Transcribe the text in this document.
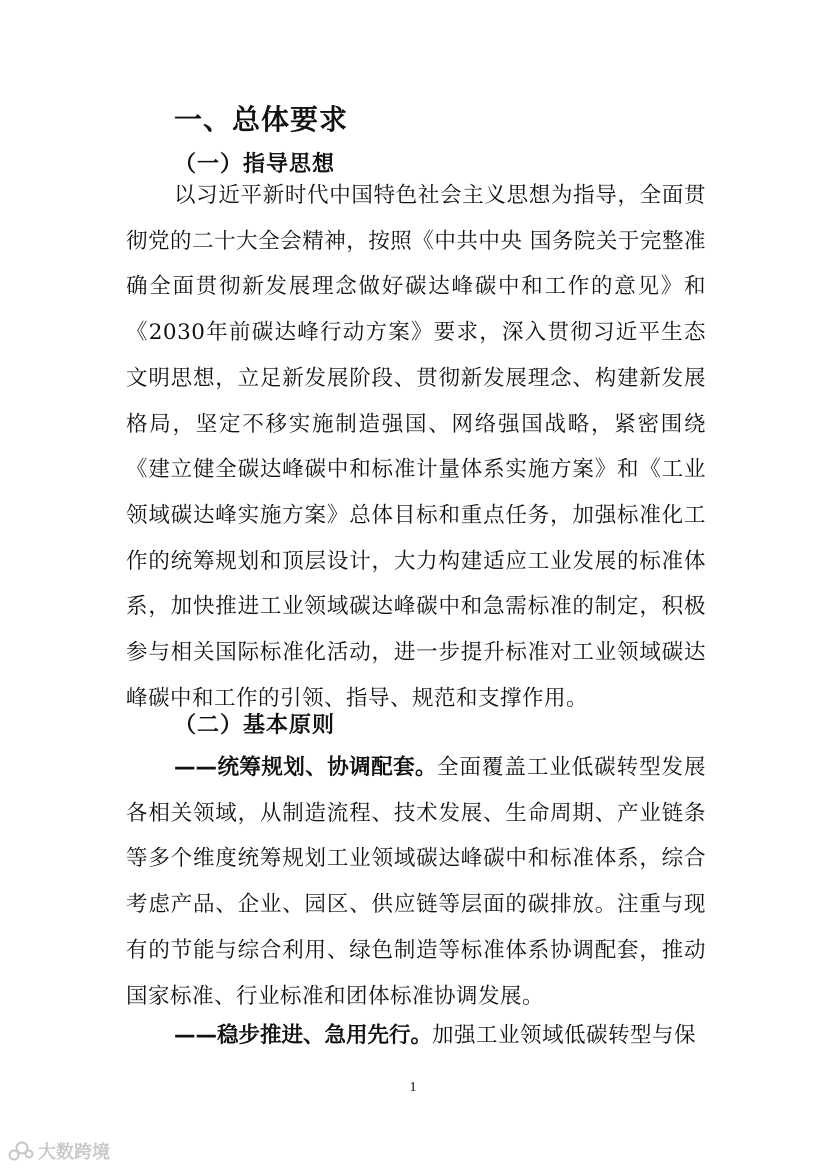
一、总体要求
（一）指导思想
以习近平新时代中国特色社会主义思想为指导，全面贯彻党的二十大全会精神，按照《中共中央 国务院关于完整准确全面贯彻新发展理念做好碳达峰碳中和工作的意见》和《2030年前碳达峰行动方案》要求，深入贯彻习近平生态文明思想，立足新发展阶段、贯彻新发展理念、构建新发展格局，坚定不移实施制造强国、网络强国战略，紧密围绕《建立健全碳达峰碳中和标准计量体系实施方案》和《工业领域碳达峰实施方案》总体目标和重点任务，加强标准化工作的统筹规划和顶层设计，大力构建适应工业发展的标准体系，加快推进工业领域碳达峰碳中和急需标准的制定，积极参与相关国际标准化活动，进一步提升标准对工业领域碳达峰碳中和工作的引领、指导、规范和支撑作用。
（二）基本原则
——统筹规划、协调配套。全面覆盖工业低碳转型发展各相关领域，从制造流程、技术发展、生命周期、产业链条等多个维度统筹规划工业领域碳达峰碳中和标准体系，综合考虑产品、企业、园区、供应链等层面的碳排放。注重与现有的节能与综合利用、绿色制造等标准体系协调配套，推动国家标准、行业标准和团体标准协调发展。
——稳步推进、急用先行。加强工业领域低碳转型与保
1
大数跨境
